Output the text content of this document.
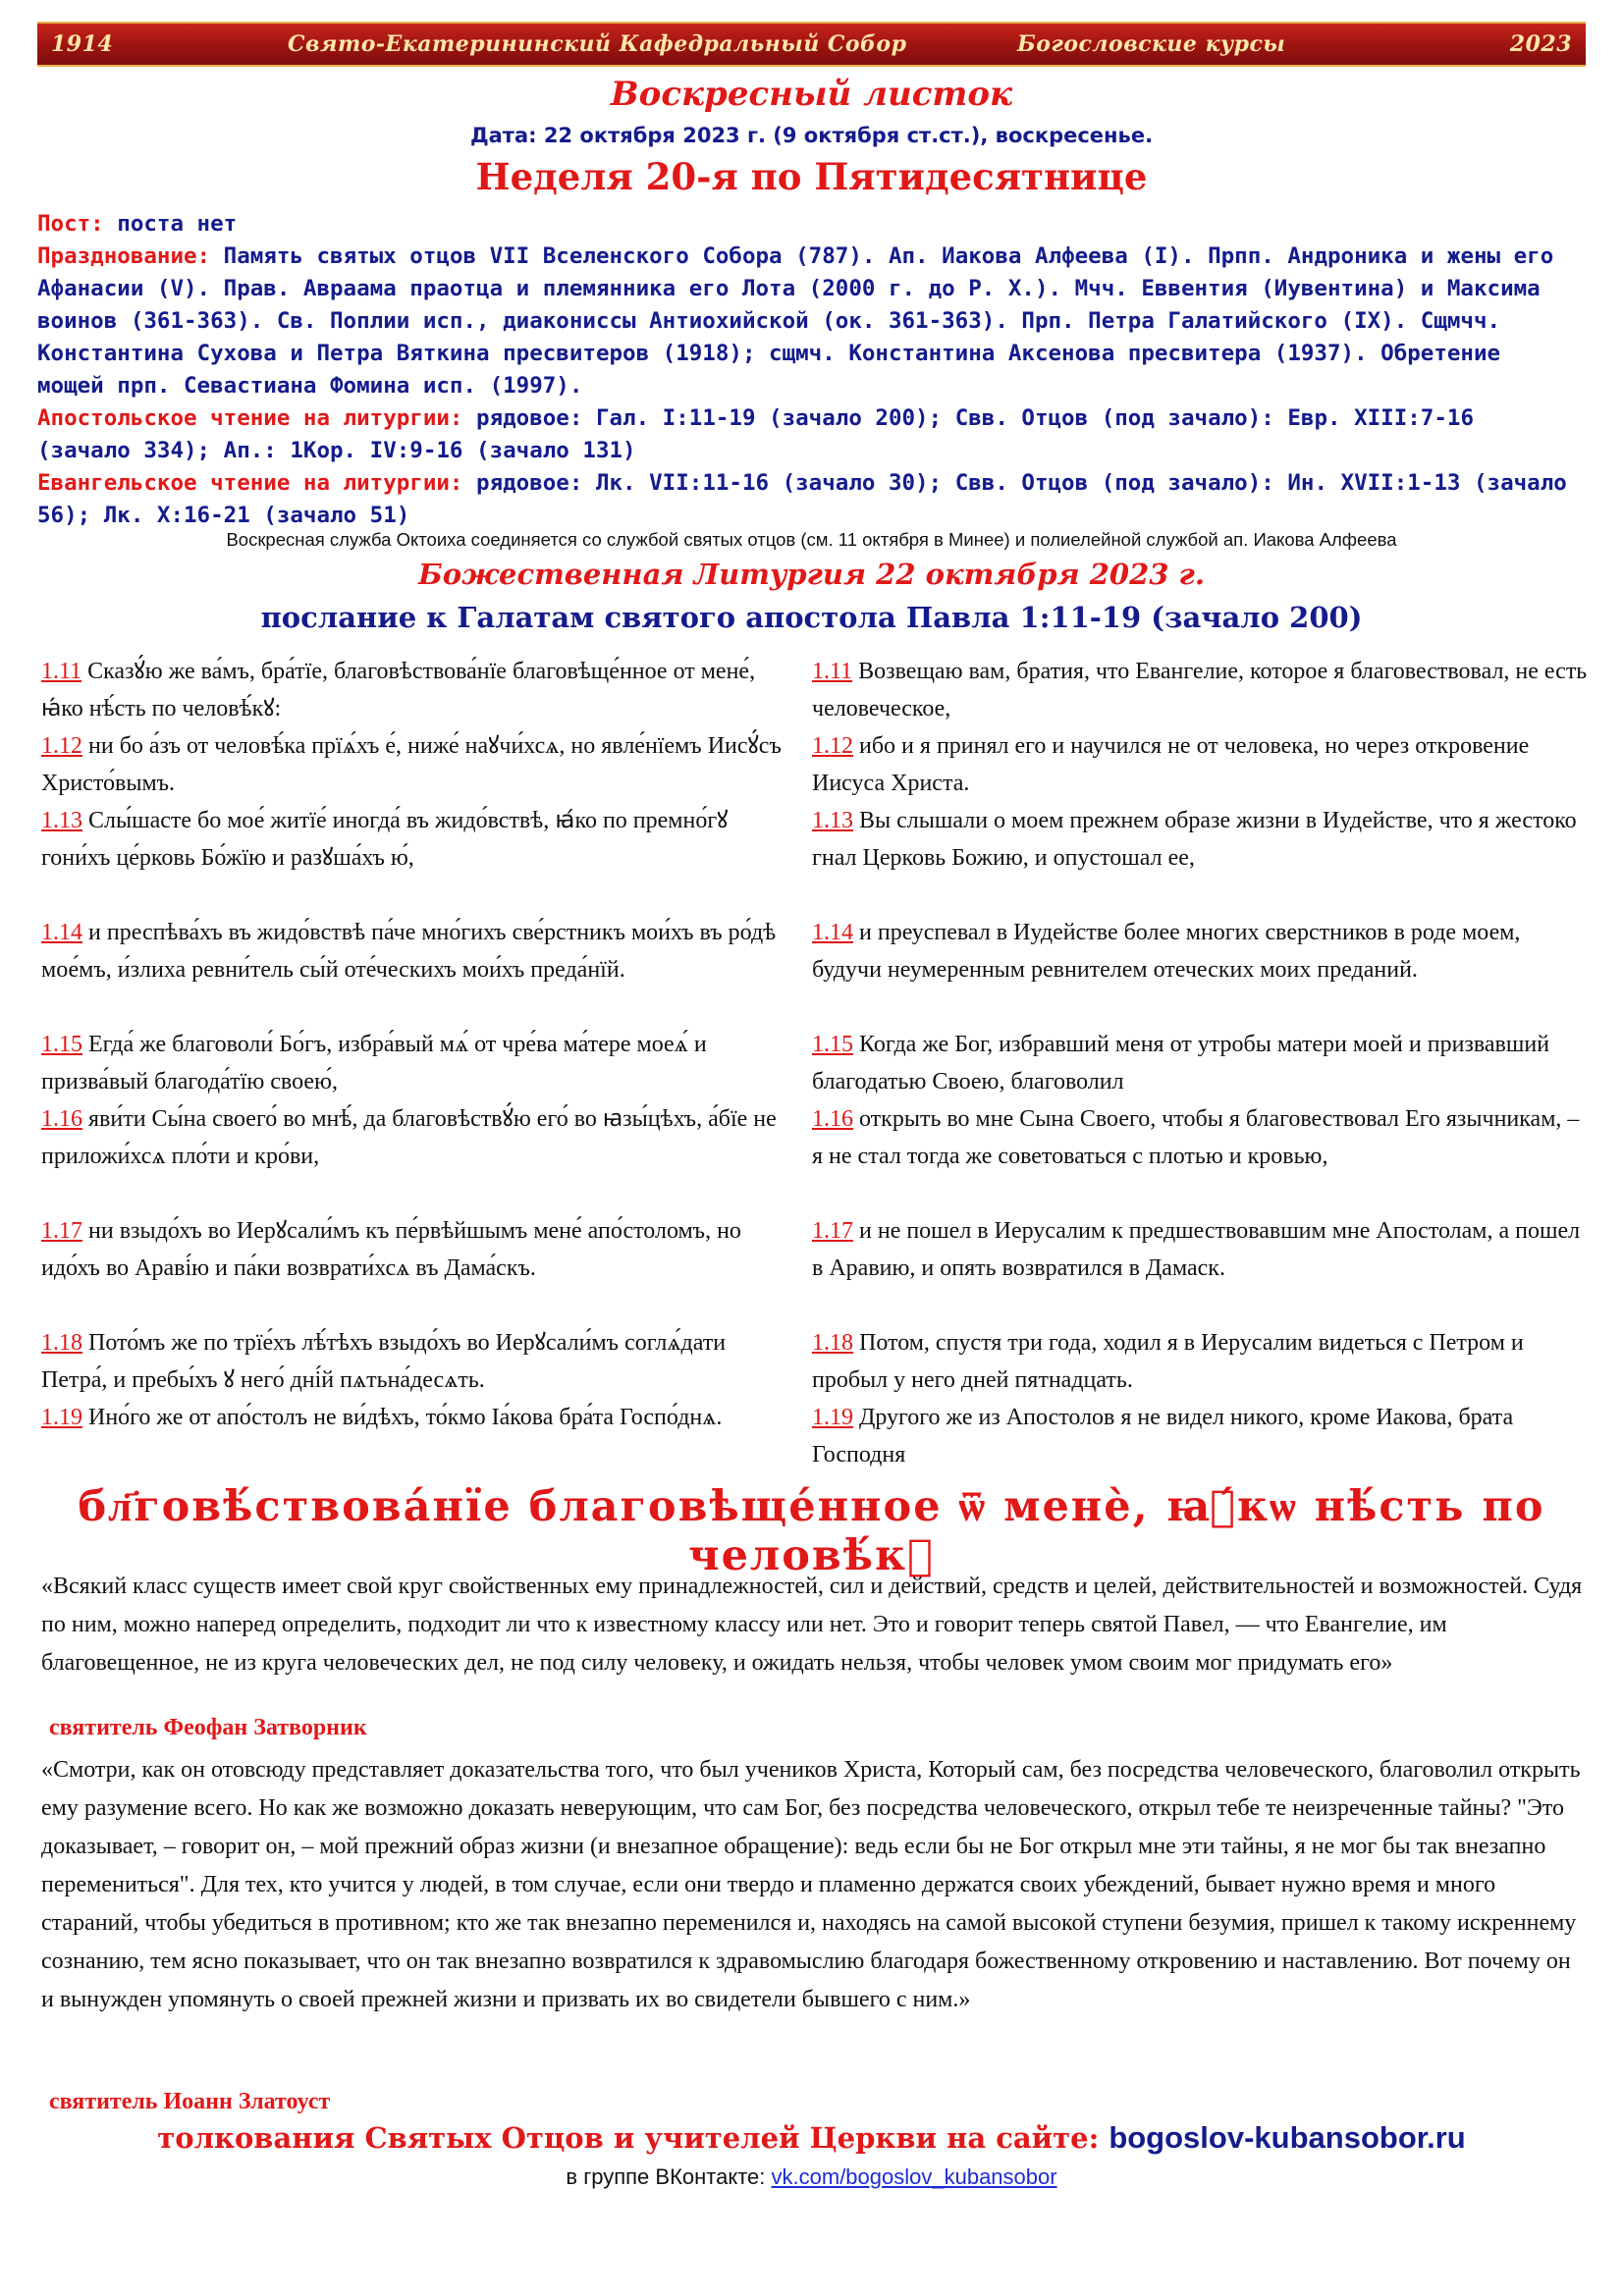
1914	Свято-Екатерининский Кафедральный Собор	Богословские курсы	2023
Воскресный листок
Дата: 22 октября 2023 г. (9 октября ст.ст.), воскресенье.
Неделя 20-я по Пятидесятнице
Пост: поста нет
Празднование: Память святых отцов VII Вселенского Собора (787). Ап. Иакова Алфеева (I). Прпп. Андроника и жены его Афанасии (V). Прав. Авраама праотца и племянника его Лота (2000 г. до Р. Х.). Мчч. Еввентия (Иувентина) и Максима воинов (361-363). Св. Поплии исп., диакониссы Антиохийской (ок. 361-363). Прп. Петра Галатийского (IX). Сщмчч. Константина Сухова и Петра Вяткина пресвитеров (1918); сщмч. Константина Аксенова пресвитера (1937). Обретение мощей прп. Севастиана Фомина исп. (1997).
Апостольское чтение на литургии: рядовое: Гал. I:11-19 (зачало 200); Свв. Отцов (под зачало): Евр. XIII:7-16 (зачало 334); Ап.: 1Кор. IV:9-16 (зачало 131)
Евангельское чтение на литургии: рядовое: Лк. VII:11-16 (зачало 30); Свв. Отцов (под зачало): Ин. XVII:1-13 (зачало 56); Лк. X:16-21 (зачало 51)
Воскресная служба Октоиха соединяется со службой святых отцов (см. 11 октября в Минее) и полиелейной службой ап. Иакова Алфеева
Божественная Литургия 22 октября 2023 г.
послание к Галатам святого апостола Павла 1:11-19 (зачало 200)
1.11 Сказꙋ́ю же ва́мъ, бра́тїе, благовѣствова́нїе благовѣще́нное от мене́, ꙗ́ко нѣ́сть по человѣ́кꙋ:
1.12 ни бо а́зъ от человѣ́ка прїѧ́хъ е́, ниже́ наꙋчи́хсѧ, но явле́нїемъ Иисꙋ́съ Христо́вымъ.
1.13 Слы́шасте бо мое́ житїе́ иногда́ въ жидо́вствѣ, ꙗ́ко по премно́гꙋ гони́хъ це́рковь Бо́жїю и разꙋша́хъ ю́,
1.14 и преспѣва́хъ въ жидо́вствѣ па́че мно́гихъ све́рстникъ мои́хъ въ ро́дѣ мое́мъ, и́злиха ревни́тель сы́й оте́ческихъ мои́хъ преда́нїй.
1.15 Егда́ же благоволи́ Бо́гъ, избра́вый мѧ́ от чре́ва ма́тере моеѧ́ и призва́вый благода́тїю своею́,
1.16 яви́ти Сы́на своего́ во мнѣ́, да благовѣствꙋ́ю его́ во ꙗзы́цѣхъ, а́бїе не приложи́хсѧ пло́ти и кро́ви,
1.17 ни взыдо́хъ во Иерꙋсали́мъ къ пе́рвѣйшымъ мене́ апо́столомъ, но идо́хъ во Араві́ю и па́ки возврати́хсѧ въ Дама́скъ.
1.18 Пото́мъ же по трїе́хъ лѣ́тѣхъ взыдо́хъ во Иерꙋсали́мъ соглѧ́дати Петра́, и пребы́хъ ꙋ него́ дні́й пѧтьна́десѧть.
1.19 Ино́го же от апо́столъ не ви́дѣхъ, то́кмо Іа́кова бра́та Госпо́днѧ.
1.11 Возвещаю вам, братия, что Евангелие, которое я благовествовал, не есть человеческое,
1.12 ибо и я принял его и научился не от человека, но через откровение Иисуса Христа.
1.13 Вы слышали о моем прежнем образе жизни в Иудействе, что я жестоко гнал Церковь Божию, и опустошал ее,
1.14 и преуспевал в Иудействе более многих сверстников в роде моем, будучи неумеренным ревнителем отеческих моих преданий.
1.15 Когда же Бог, избравший меня от утробы матери моей и призвавший благодатью Своею, благоволил
1.16 открыть во мне Сына Своего, чтобы я благовествовал Его язычникам, – я не стал тогда же советоваться с плотью и кровью,
1.17 и не пошел в Иерусалим к предшествовавшим мне Апостолам, а пошел в Аравию, и опять возвратился в Дамаск.
1.18 Потом, спустя три года, ходил я в Иерусалим видеться с Петром и пробыл у него дней пятнадцать.
1.19 Другого же из Апостолов я не видел никого, кроме Иакова, брата Господня
бл҃говѣ́ствова́нїе благовѣще́нное ѿ менѐ, ꙗ҆́кѡ нѣ́сть по человѣ́кꙋ
«Всякий класс существ имеет свой круг свойственных ему принадлежностей, сил и действий, средств и целей, действительностей и возможностей. Судя по ним, можно наперед определить, подходит ли что к известному классу или нет. Это и говорит теперь святой Павел, — что Евангелие, им благовещенное, не из круга человеческих дел, не под силу человеку, и ожидать нельзя, чтобы человек умом своим мог придумать его»
святитель Феофан Затворник
«Смотри, как он отовсюду представляет доказательства того, что был учеников Христа, Который сам, без посредства человеческого, благоволил открыть ему разумение всего. Но как же возможно доказать неверующим, что сам Бог, без посредства человеческого, открыл тебе те неизреченные тайны? "Это доказывает, – говорит он, – мой прежний образ жизни (и внезапное обращение): ведь если бы не Бог открыл мне эти тайны, я не мог бы так внезапно перемениться". Для тех, кто учится у людей, в том случае, если они твердо и пламенно держатся своих убеждений, бывает нужно время и много стараний, чтобы убедиться в противном; кто же так внезапно переменился и, находясь на самой высокой ступени безумия, пришел к такому искреннему сознанию, тем ясно показывает, что он так внезапно возвратился к здравомыслию благодаря божественному откровению и наставлению. Вот почему он и вынужден упомянуть о своей прежней жизни и призвать их во свидетели бывшего с ним.»
святитель Иоанн Златоуст
толкования Святых Отцов и учителей Церкви на сайте: bogoslov-kubansobor.ru
в группе ВКонтакте: vk.com/bogoslov_kubansobor
